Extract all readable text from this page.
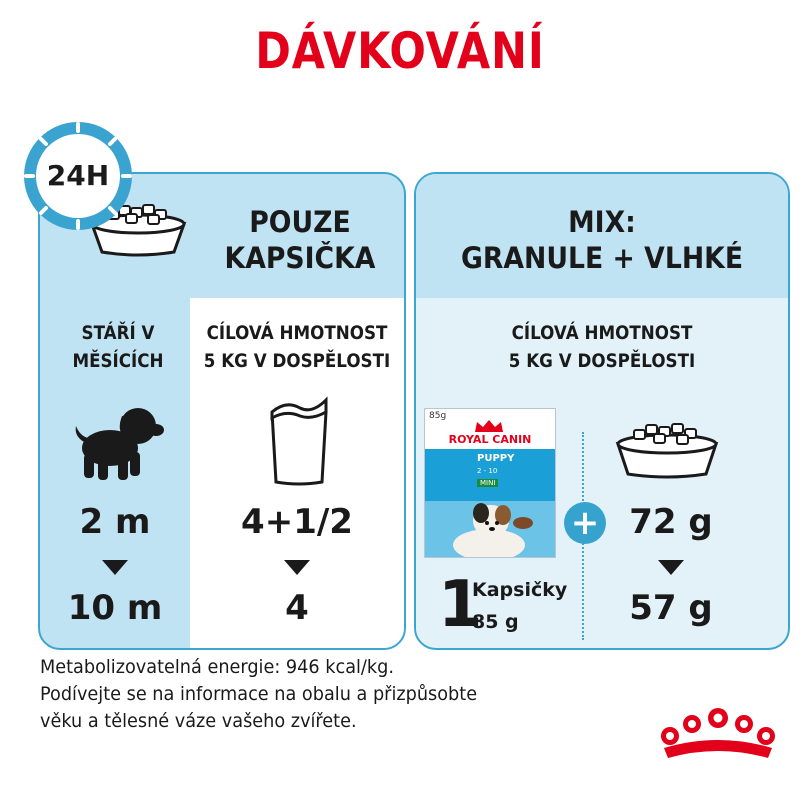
DÁVKOVÁNÍ
POUZE
KAPSIČKA
STÁŘÍ V
MĚSÍCÍCH
CÍLOVÁ HMOTNOST
5 KG V DOSPĚLOSTI
2 m
10 m
4+1/2
4
24H
MIX:
GRANULE + VLHKÉ
CÍLOVÁ HMOTNOST
5 KG V DOSPĚLOSTI
85g
ROYAL CANIN
PUPPY
2 - 10
MINI
+ 72 g
57 g
1
Kapsičky
85 g
Metabolizovatelná energie: 946 kcal/kg.
Podívejte se na informace na obalu a přizpůsobte
věku a tělesné váze vašeho zvířete.
